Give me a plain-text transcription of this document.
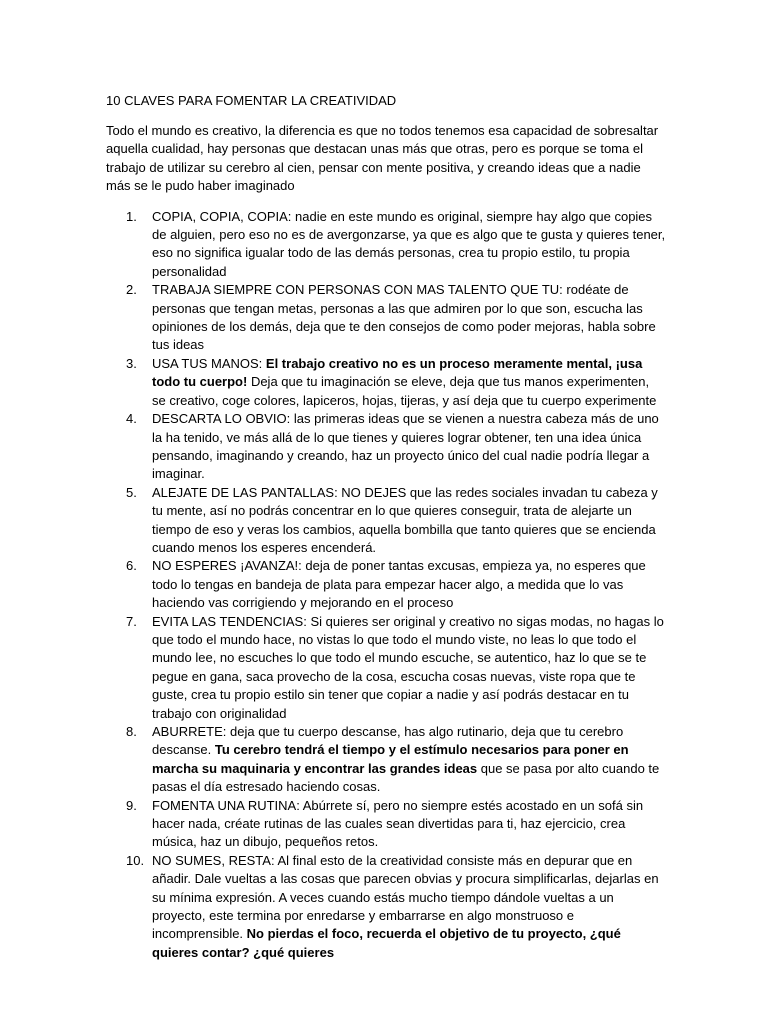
10 CLAVES PARA FOMENTAR LA CREATIVIDAD

Todo el mundo es creativo, la diferencia es que no todos tenemos esa capacidad de sobresaltar aquella cualidad, hay personas que destacan unas más que otras, pero es porque se toma el trabajo de utilizar su cerebro al cien, pensar con mente positiva, y creando ideas que a nadie más se le pudo haber imaginado

1. COPIA, COPIA, COPIA: nadie en este mundo es original, siempre hay algo que copies de alguien, pero eso no es de avergonzarse, ya que es algo que te gusta y quieres tener, eso no significa igualar todo de las demás personas, crea tu propio estilo, tu propia personalidad
2. TRABAJA SIEMPRE CON PERSONAS CON MAS TALENTO QUE TU: rodéate de personas que tengan metas, personas a las que admiren por lo que son, escucha las opiniones de los demás, deja que te den consejos de como poder mejoras, habla sobre tus ideas
3. USA TUS MANOS: El trabajo creativo no es un proceso meramente mental, ¡usa todo tu cuerpo! Deja que tu imaginación se eleve, deja que tus manos experimenten, se creativo, coge colores, lapiceros, hojas, tijeras, y así deja que tu cuerpo experimente
4. DESCARTA LO OBVIO: las primeras ideas que se vienen a nuestra cabeza más de uno la ha tenido, ve más allá de lo que tienes y quieres lograr obtener, ten una idea única pensando, imaginando y creando, haz un proyecto único del cual nadie podría llegar a imaginar.
5. ALEJATE DE LAS PANTALLAS: NO DEJES que las redes sociales invadan tu cabeza y tu mente, así no podrás concentrar en lo que quieres conseguir, trata de alejarte un tiempo de eso y veras los cambios, aquella bombilla que tanto quieres que se encienda cuando menos los esperes encenderá.
6. NO ESPERES ¡AVANZA!: deja de poner tantas excusas, empieza ya, no esperes que todo lo tengas en bandeja de plata para empezar hacer algo, a medida que lo vas haciendo vas corrigiendo y mejorando en el proceso
7. EVITA LAS TENDENCIAS: Si quieres ser original y creativo no sigas modas, no hagas lo que todo el mundo hace, no vistas lo que todo el mundo viste, no leas lo que todo el mundo lee, no escuches lo que todo el mundo escuche, se autentico, haz lo que se te pegue en gana, saca provecho de la cosa, escucha cosas nuevas, viste ropa que te guste, crea tu propio estilo sin tener que copiar a nadie y así podrás destacar en tu trabajo con originalidad
8. ABURRETE: deja que tu cuerpo descanse, has algo rutinario, deja que tu cerebro descanse. Tu cerebro tendrá el tiempo y el estímulo necesarios para poner en marcha su maquinaria y encontrar las grandes ideas que se pasa por alto cuando te pasas el día estresado haciendo cosas.
9. FOMENTA UNA RUTINA: Abúrrete sí, pero no siempre estés acostado en un sofá sin hacer nada, créate rutinas de las cuales sean divertidas para ti, haz ejercicio, crea música, haz un dibujo, pequeños retos.
10. NO SUMES, RESTA: Al final esto de la creatividad consiste más en depurar que en añadir. Dale vueltas a las cosas que parecen obvias y procura simplificarlas, dejarlas en su mínima expresión. A veces cuando estás mucho tiempo dándole vueltas a un proyecto, este termina por enredarse y embarrarse en algo monstruoso e incomprensible. No pierdas el foco, recuerda el objetivo de tu proyecto, ¿qué quieres contar? ¿qué quieres
